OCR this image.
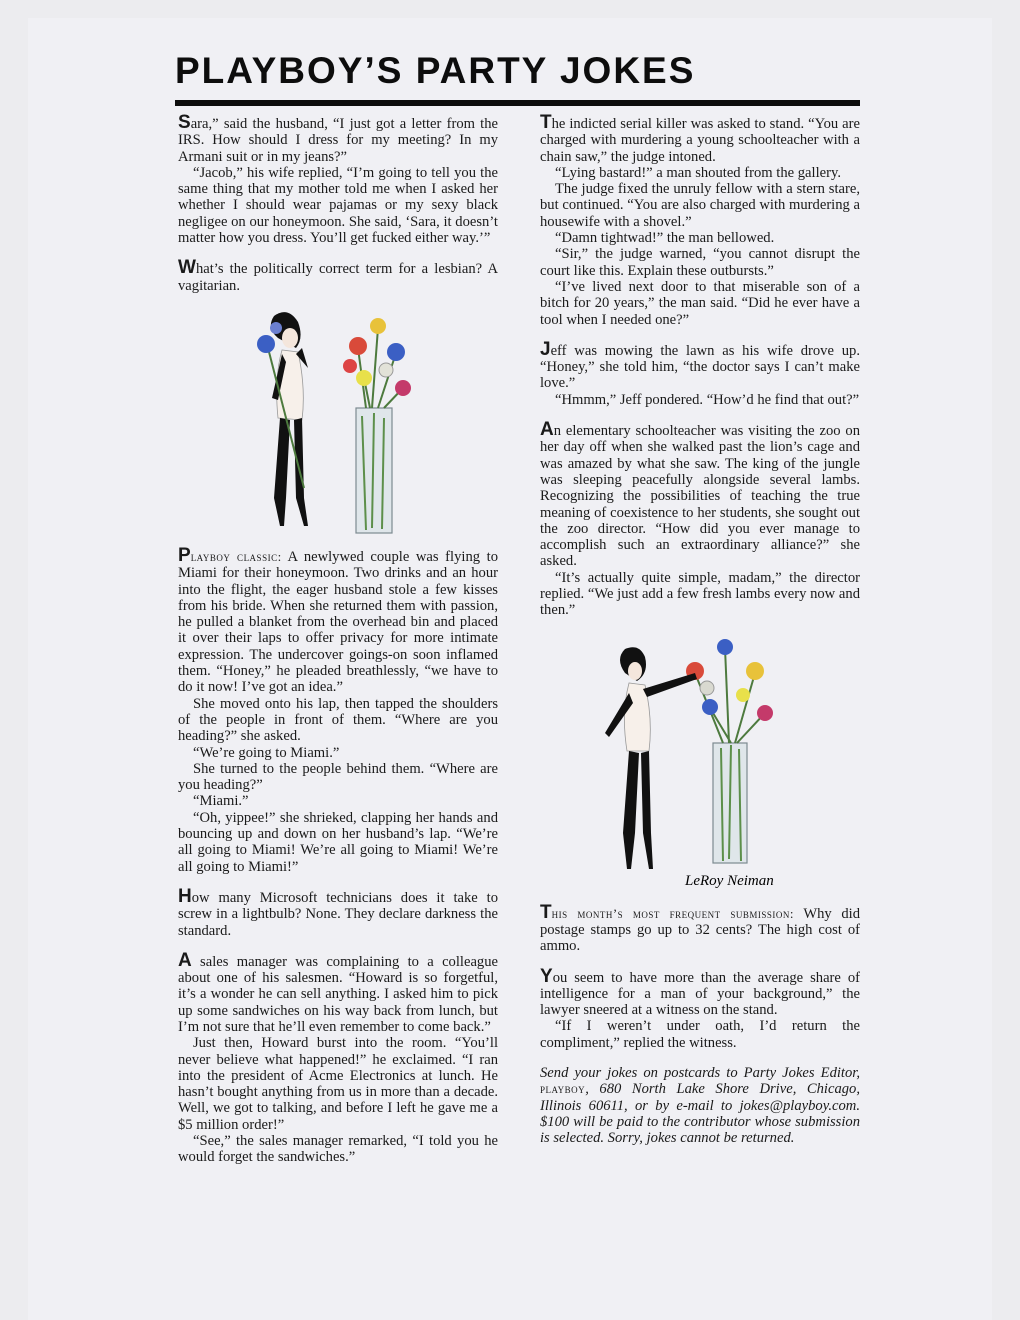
PLAYBOY’S PARTY JOKES

Sara,” said the husband, “I just got a letter from the IRS. How should I dress for my meeting? In my Armani suit or in my jeans?”

“Jacob,” his wife replied, “I’m going to tell you the same thing that my mother told me when I asked her whether I should wear pajamas or my sexy black negligee on our honeymoon. She said, ‘Sara, it doesn’t matter how you dress. You’ll get fucked either way.’”

What’s the politically correct term for a lesbian? A vagitarian.

Playboy classic: A newlywed couple was flying to Miami for their honeymoon. Two drinks and an hour into the flight, the eager husband stole a few kisses from his bride. When she returned them with passion, he pulled a blanket from the overhead bin and placed it over their laps to offer privacy for more intimate expression. The undercover goings-on soon inflamed them. “Honey,” he pleaded breathlessly, “we have to do it now! I’ve got an idea.”

She moved onto his lap, then tapped the shoulders of the people in front of them. “Where are you heading?” she asked.

“We’re going to Miami.”

She turned to the people behind them. “Where are you heading?”

“Miami.”

“Oh, yippee!” she shrieked, clapping her hands and bouncing up and down on her husband’s lap. “We’re all going to Miami! We’re all going to Miami! We’re all going to Miami!”

How many Microsoft technicians does it take to screw in a lightbulb? None. They declare darkness the standard.

A sales manager was complaining to a colleague about one of his salesmen. “Howard is so forgetful, it’s a wonder he can sell anything. I asked him to pick up some sandwiches on his way back from lunch, but I’m not sure that he’ll even remember to come back.”

Just then, Howard burst into the room. “You’ll never believe what happened!” he exclaimed. “I ran into the president of Acme Electronics at lunch. He hasn’t bought anything from us in more than a decade. Well, we got to talking, and before I left he gave me a $5 million order!”

“See,” the sales manager remarked, “I told you he would forget the sandwiches.”

The indicted serial killer was asked to stand. “You are charged with murdering a young schoolteacher with a chain saw,” the judge intoned.

“Lying bastard!” a man shouted from the gallery.

The judge fixed the unruly fellow with a stern stare, but continued. “You are also charged with murdering a housewife with a shovel.”

“Damn tightwad!” the man bellowed.

“Sir,” the judge warned, “you cannot disrupt the court like this. Explain these outbursts.”

“I’ve lived next door to that miserable son of a bitch for 20 years,” the man said. “Did he ever have a tool when I needed one?”

Jeff was mowing the lawn as his wife drove up. “Honey,” she told him, “the doctor says I can’t make love.”

“Hmmm,” Jeff pondered. “How’d he find that out?”

An elementary schoolteacher was visiting the zoo on her day off when she walked past the lion’s cage and was amazed by what she saw. The king of the jungle was sleeping peacefully alongside several lambs. Recognizing the possibilities of teaching the true meaning of coexistence to her students, she sought out the zoo director. “How did you ever manage to accomplish such an extraordinary alliance?” she asked.

“It’s actually quite simple, madam,” the director replied. “We just add a few fresh lambs every now and then.”

LeRoy Neiman

This month’s most frequent submission: Why did postage stamps go up to 32 cents? The high cost of ammo.

You seem to have more than the average share of intelligence for a man of your background,” the lawyer sneered at a witness on the stand.

“If I weren’t under oath, I’d return the compliment,” replied the witness.

Send your jokes on postcards to Party Jokes Editor, playboy, 680 North Lake Shore Drive, Chicago, Illinois 60611, or by e-mail to jokes@playboy.com. $100 will be paid to the contributor whose submission is selected. Sorry, jokes cannot be returned.
